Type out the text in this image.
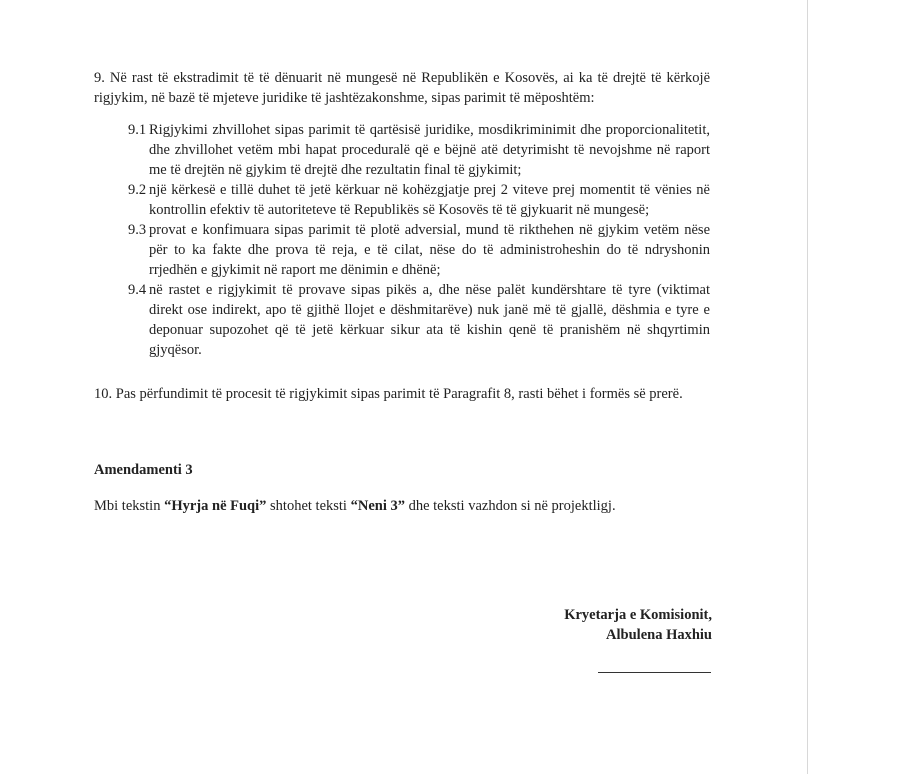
9. Në rast të ekstradimit të të dënuarit në mungesë në Republikën e Kosovës, ai ka të drejtë të kërkojë rigjykim, në bazë të mjeteve juridike të jashtëzakonshme, sipas parimit të mëposhtëm:
9.1 Rigjykimi zhvillohet sipas parimit të qartësisë juridike, mosdikriminimit dhe proporcionalitetit, dhe zhvillohet vetëm mbi hapat proceduralë që e bëjnë atë detyrimisht të nevojshme në raport me të drejtën në gjykim të drejtë dhe rezultatin final të gjykimit;
9.2 një kërkesë e tillë duhet të jetë kërkuar në kohëzgjatje prej 2 viteve prej momentit të vënies në kontrollin efektiv të autoriteteve të Republikës së Kosovës të të gjykuarit në mungesë;
9.3 provat e konfimuara sipas parimit të plotë adversial, mund të rikthehen në gjykim vetëm nëse për to ka fakte dhe prova të reja, e të cilat, nëse do të administroheshin do të ndryshonin rrjedhën e gjykimit në raport me dënimin e dhënë;
9.4 në rastet e rigjykimit të provave sipas pikës a, dhe nëse palët kundërshtare të tyre (viktimat direkt ose indirekt, apo të gjithë llojet e dëshmitarëve) nuk janë më të gjallë, dëshmia e tyre e deponuar supozohet që të jetë kërkuar sikur ata të kishin qenë të pranishëm në shqyrtimin gjyqësor.
10. Pas përfundimit të procesit të rigjykimit sipas parimit të Paragrafit 8, rasti bëhet i formës së prerë.
Amendamenti 3
Mbi tekstin “Hyrja në Fuqi” shtohet teksti “Neni 3” dhe teksti vazhdon si në projektligj.
Kryetarja e Komisionit,
Albulena Haxhiu
